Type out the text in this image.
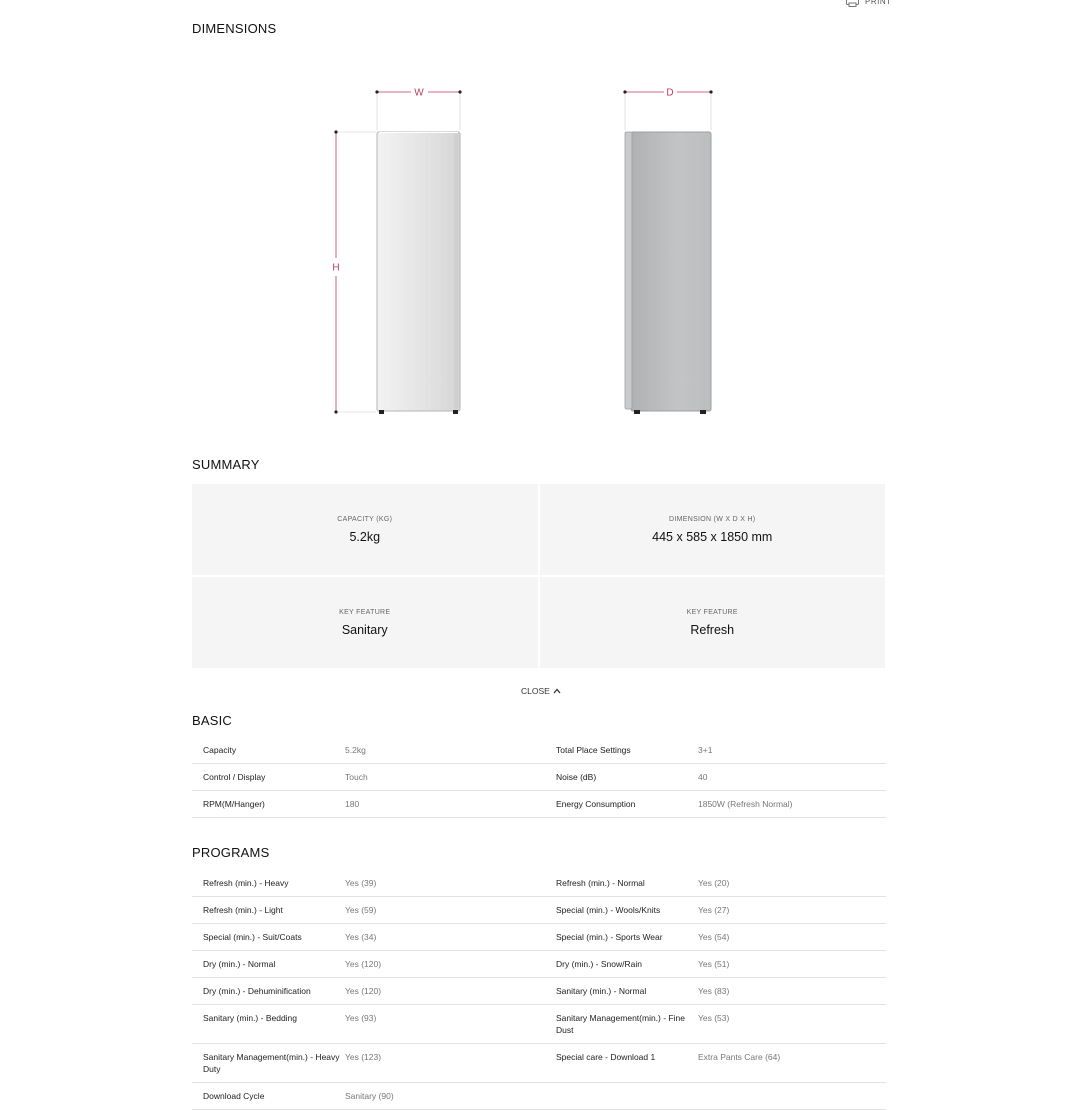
PRINT
DIMENSIONS
W
H
D
SUMMARY
CAPACITY (KG)
5.2kg
DIMENSION (W X D X H)
445 x 585 x 1850 mm
KEY FEATURE
Sanitary
KEY FEATURE
Refresh
CLOSE
BASIC
Capacity	5.2kg	Total Place Settings	3+1
Control / Display	Touch	Noise (dB)	40
RPM(M/Hanger)	180	Energy Consumption	1850W (Refresh Normal)
PROGRAMS
Refresh (min.) - Heavy	Yes (39)	Refresh (min.) - Normal	Yes (20)
Refresh (min.) - Light	Yes (59)	Special (min.) - Wools/Knits	Yes (27)
Special (min.) - Suit/Coats	Yes (34)	Special (min.) - Sports Wear	Yes (54)
Dry (min.) - Normal	Yes (120)	Dry (min.) - Snow/Rain	Yes (51)
Dry (min.) - Dehuminification	Yes (120)	Sanitary (min.) - Normal	Yes (83)
Sanitary (min.) - Bedding	Yes (93)	Sanitary Management(min.) - Fine Dust	Yes (53)
Sanitary Management(min.) - Heavy Duty	Yes (123)	Special care - Download 1	Extra Pants Care (64)
Download Cycle	Sanitary (90)		
